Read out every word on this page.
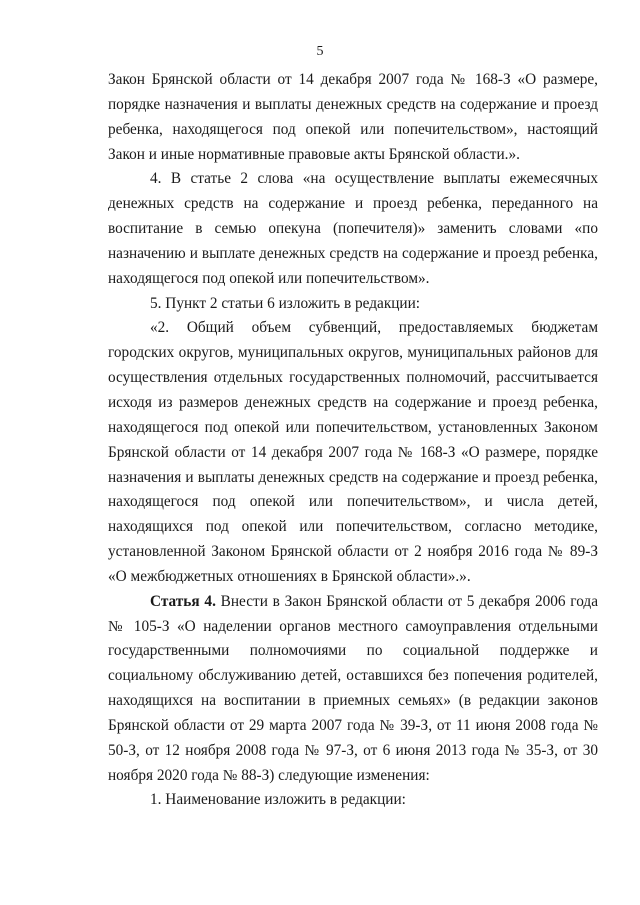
5

Закон Брянской области от 14 декабря 2007 года № 168-З «О размере, порядке назначения и выплаты денежных средств на содержание и проезд ребенка, находящегося под опекой или попечительством», настоящий Закон и иные нормативные правовые акты Брянской области.».

4. В статье 2 слова «на осуществление выплаты ежемесячных денежных средств на содержание и проезд ребенка, переданного на воспитание в семью опекуна (попечителя)» заменить словами «по назначению и выплате денежных средств на содержание и проезд ребенка, находящегося под опекой или попечительством».

5. Пункт 2 статьи 6 изложить в редакции:

«2. Общий объем субвенций, предоставляемых бюджетам городских округов, муниципальных округов, муниципальных районов для осуществления отдельных государственных полномочий, рассчитывается исходя из размеров денежных средств на содержание и проезд ребенка, находящегося под опекой или попечительством, установленных Законом Брянской области от 14 декабря 2007 года № 168-З «О размере, порядке назначения и выплаты денежных средств на содержание и проезд ребенка, находящегося под опекой или попечительством», и числа детей, находящихся под опекой или попечительством, согласно методике, установленной Законом Брянской области от 2 ноября 2016 года № 89-З «О межбюджетных отношениях в Брянской области».».

Статья 4. Внести в Закон Брянской области от 5 декабря 2006 года № 105-З «О наделении органов местного самоуправления отдельными государственными полномочиями по социальной поддержке и социальному обслуживанию детей, оставшихся без попечения родителей, находящихся на воспитании в приемных семьях» (в редакции законов Брянской области от 29 марта 2007 года № 39-З, от 11 июня 2008 года № 50-З, от 12 ноября 2008 года № 97-З, от 6 июня 2013 года № 35-З, от 30 ноября 2020 года № 88-З) следующие изменения:

1. Наименование изложить в редакции:
